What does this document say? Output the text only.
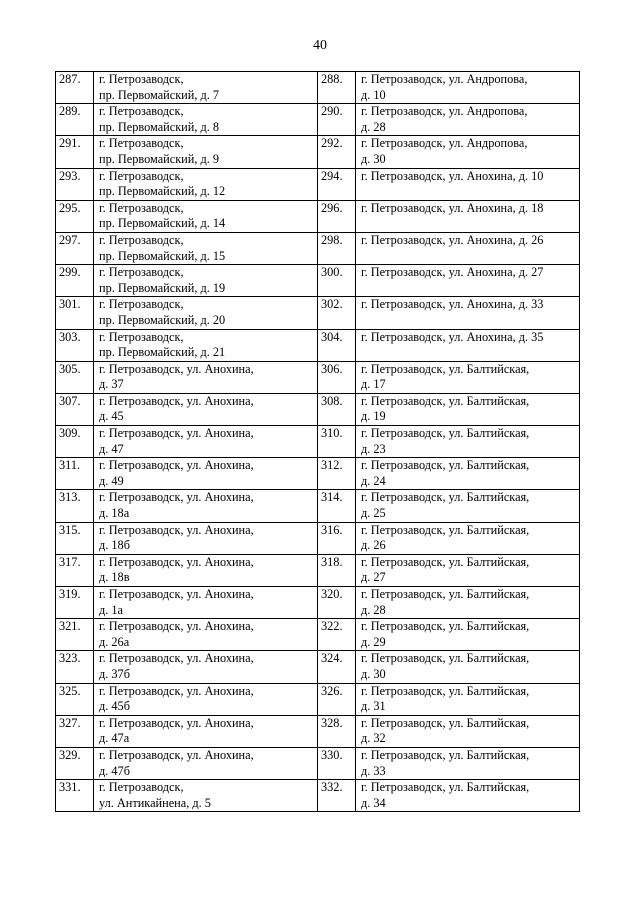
40
287.	г. Петрозаводск,
пр. Первомайский, д. 7	288.	г. Петрозаводск, ул. Андропова,
д. 10

289.	г. Петрозаводск,
пр. Первомайский, д. 8	290.	г. Петрозаводск, ул. Андропова,
д. 28

291.	г. Петрозаводск,
пр. Первомайский, д. 9	292.	г. Петрозаводск, ул. Андропова,
д. 30

293.	г. Петрозаводск,
пр. Первомайский, д. 12	294.	г. Петрозаводск, ул. Анохина, д. 10

295.	г. Петрозаводск,
пр. Первомайский, д. 14	296.	г. Петрозаводск, ул. Анохина, д. 18

297.	г. Петрозаводск,
пр. Первомайский, д. 15	298.	г. Петрозаводск, ул. Анохина, д. 26

299.	г. Петрозаводск,
пр. Первомайский, д. 19	300.	г. Петрозаводск, ул. Анохина, д. 27

301.	г. Петрозаводск,
пр. Первомайский, д. 20	302.	г. Петрозаводск, ул. Анохина, д. 33

303.	г. Петрозаводск,
пр. Первомайский, д. 21	304.	г. Петрозаводск, ул. Анохина, д. 35

305.	г. Петрозаводск, ул. Анохина,
д. 37	306.	г. Петрозаводск, ул. Балтийская,
д. 17

307.	г. Петрозаводск, ул. Анохина,
д. 45	308.	г. Петрозаводск, ул. Балтийская,
д. 19

309.	г. Петрозаводск, ул. Анохина,
д. 47	310.	г. Петрозаводск, ул. Балтийская,
д. 23

311.	г. Петрозаводск, ул. Анохина,
д. 49	312.	г. Петрозаводск, ул. Балтийская,
д. 24

313.	г. Петрозаводск, ул. Анохина,
д. 18а	314.	г. Петрозаводск, ул. Балтийская,
д. 25

315.	г. Петрозаводск, ул. Анохина,
д. 18б	316.	г. Петрозаводск, ул. Балтийская,
д. 26

317.	г. Петрозаводск, ул. Анохина,
д. 18в	318.	г. Петрозаводск, ул. Балтийская,
д. 27

319.	г. Петрозаводск, ул. Анохина,
д. 1а	320.	г. Петрозаводск, ул. Балтийская,
д. 28

321.	г. Петрозаводск, ул. Анохина,
д. 26а	322.	г. Петрозаводск, ул. Балтийская,
д. 29

323.	г. Петрозаводск, ул. Анохина,
д. 37б	324.	г. Петрозаводск, ул. Балтийская,
д. 30

325.	г. Петрозаводск, ул. Анохина,
д. 45б	326.	г. Петрозаводск, ул. Балтийская,
д. 31

327.	г. Петрозаводск, ул. Анохина,
д. 47а	328.	г. Петрозаводск, ул. Балтийская,
д. 32

329.	г. Петрозаводск, ул. Анохина,
д. 47б	330.	г. Петрозаводск, ул. Балтийская,
д. 33

331.	г. Петрозаводск,
ул. Антикайнена, д. 5	332.	г. Петрозаводск, ул. Балтийская,
д. 34
